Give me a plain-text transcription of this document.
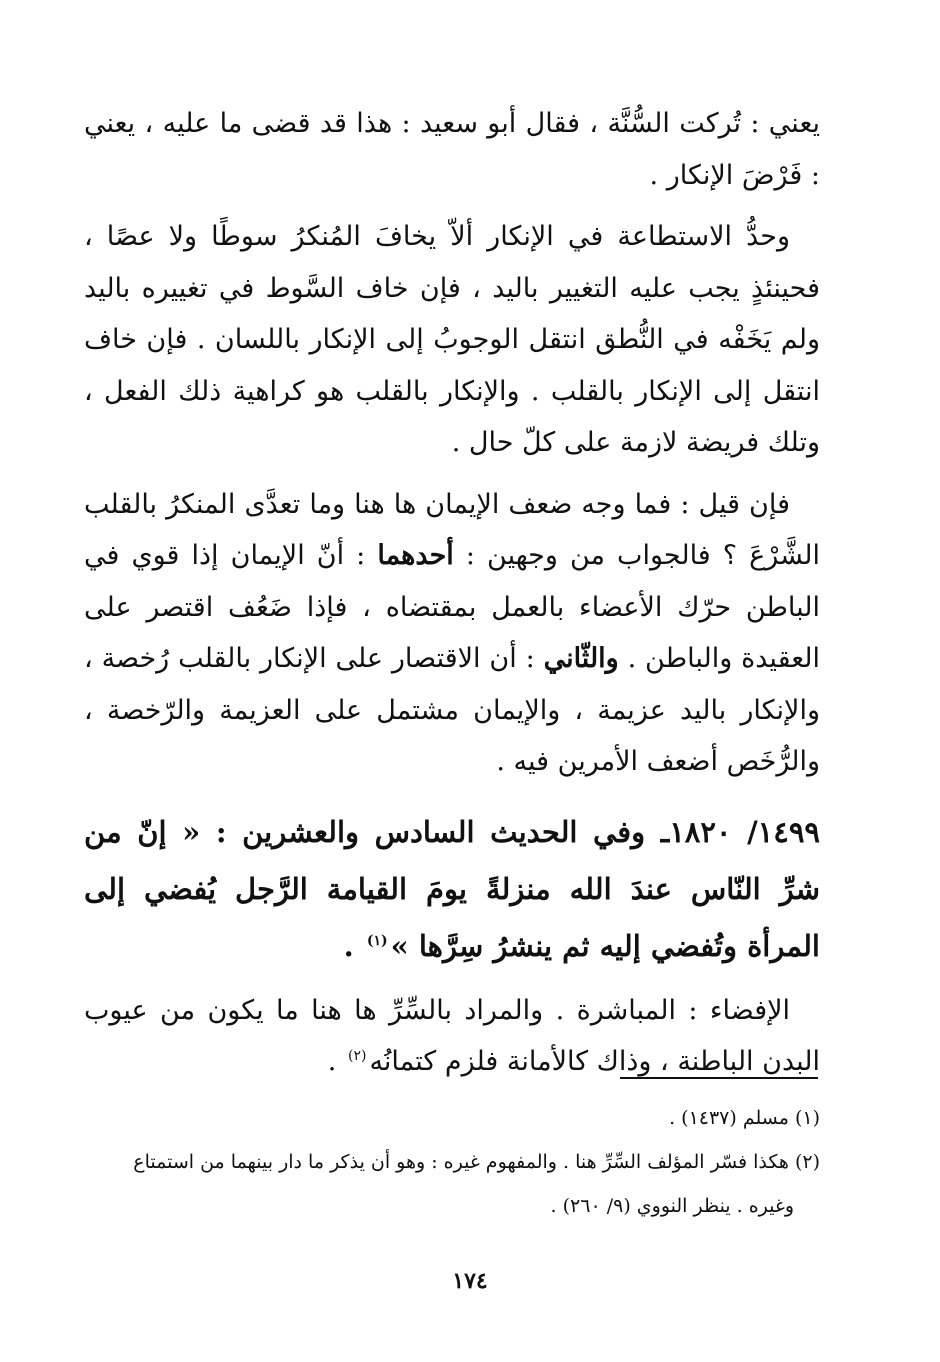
يعني : تُركت السُّنَّة ، فقال أبو سعيد : هذا قد قضى ما عليه ، يعني : فَرْضَ الإنكار .

وحدُّ الاستطاعة في الإنكار ألاّ يخافَ المُنكرُ سوطًا ولا عصًا ، فحينئذٍ يجب عليه التغيير باليد ، فإن خاف السَّوط في تغييره باليد ولم يَخَفْه في النُّطق انتقل الوجوبُ إلى الإنكار باللسان . فإن خاف انتقل إلى الإنكار بالقلب . والإنكار بالقلب هو كراهية ذلك الفعل ، وتلك فريضة لازمة على كلّ حال .

فإن قيل : فما وجه ضعف الإيمان ها هنا وما تعدَّى المنكرُ بالقلب الشَّرْعَ ؟ فالجواب من وجهين : أحدهما : أنّ الإيمان إذا قوي في الباطن حرّك الأعضاء بالعمل بمقتضاه ، فإذا ضَعُف اقتصر على العقيدة والباطن . والثّاني : أن الاقتصار على الإنكار بالقلب رُخصة ، والإنكار باليد عزيمة ، والإيمان مشتمل على العزيمة والرّخصة ، والرُّخَص أضعف الأمرين فيه .

١٤٩٩/ ١٨٢٠ـ وفي الحديث السادس والعشرين : « إنّ من شرِّ النّاس عندَ الله منزلةً يومَ القيامة الرَّجل يُفضي إلى المرأة وتُفضي إليه ثم ينشرُ سِرَّها »$^{(١)}$ .

الإفضاء : المباشرة . والمراد بالسِّرِّ ها هنا ما يكون من عيوب البدن الباطنة ، وذاك كالأمانة فلزم كتمانُه$^{(٢)}$ .

(١) مسلم (١٤٣٧) .

(٢) هكذا فسّر المؤلف السِّرِّ هنا . والمفهوم غيره : وهو أن يذكر ما دار بينهما من استمتاع

وغيره . ينظر النووي (٩/ ٢٦٠) .

١٧٤
